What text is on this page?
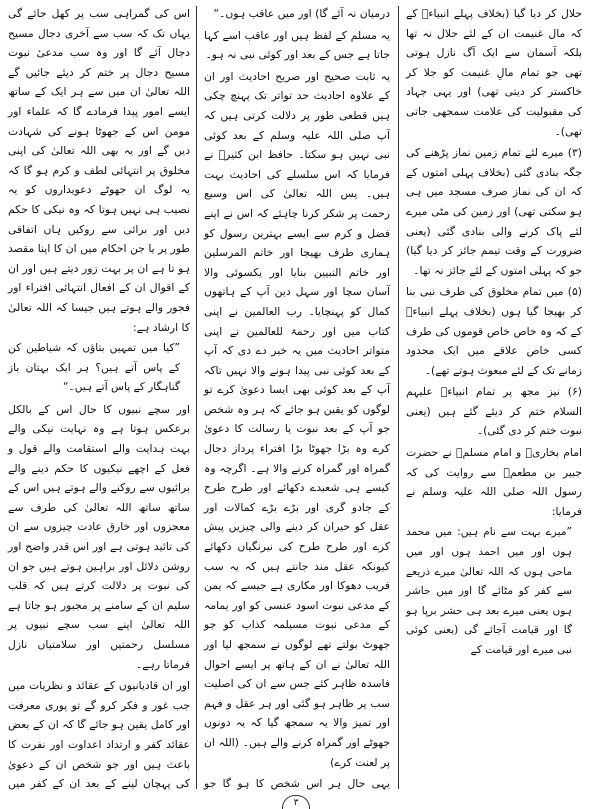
حلال کر دیا گیا (بخلاف پہلے انبیاءؑ کے کہ مال غنیمت ان کے لئے حلال نہ تھا بلکہ آسمان سے ایک آگ نازل ہوتی تھی جو تمام مالِ غنیمت کو جلا کر خاکستر کر دیتی تھی) اور یہی جہاد کی مقبولیت کی علامت سمجھی جاتی تھی)۔

(۳) میرے لئے تمام زمین نماز پڑھنے کی جگہ بنادی گئی (بخلاف پہلی امتوں کے کہ ان کی نماز صرف مسجد میں ہی ہو سکتی تھی) اور زمین کی مٹی میرے لئے پاک کرنے والی بنادی گئی (یعنی ضرورت کے وقت تیمم جائز کر دیا گیا) جو کہ پہلی امتوں کے لئے جائز نہ تھا۔

(۵) میں تمام مخلوق کی طرف نبی بنا کر بھیجا گیا ہوں (بخلاف پہلے انبیاءؑ کے کہ وہ خاص خاص قوموں کی طرف کسی خاص علاقے میں ایک محدود زمانے تک کے لئے مبعوث ہوتے تھے)۔

(۶) نیز مجھ پر تمام انبیاءؑ علیہم السلام ختم کر دیئے گئے ہیں (یعنی نبوت ختم کر دی گئی)۔

امام بخاریؒ و امام مسلمؒ نے حضرت جبیر بن مطعمؓ سے روایت کی کہ رسول اللہ صلی اللہ علیہ وسلم نے فرمایا:

”میرے بہت سے نام ہیں: میں محمد ہوں اور میں احمد ہوں اور میں ماحی ہوں کہ اللہ تعالیٰ میرے ذریعے سے کفر کو مٹائے گا اور میں حاشر ہوں یعنی میرے بعد ہی حشر برپا ہو گا اور قیامت آجائے گی (یعنی کوئی نبی میرے اور قیامت کے

درمیان نہ آئے گا) اور میں عاقب ہوں۔“

یہ مسلم کے لفظ ہیں اور عاقب اسے کہا جاتا ہے جس کے بعد اور کوئی نبی نہ ہو۔

یہ ثابت صحیح اور صریح احادیث اور ان کے علاوہ احادیث حد تواتر تک پہنچ چکی ہیں قطعی طور پر دلالت کرتی ہیں کہ آپ صلی اللہ علیہ وسلم کے بعد کوئی نبی نہیں ہو سکتا۔ حافظ ابن کثیرؒ نے فرمایا کہ اس سلسلے کی احادیث بہت ہیں۔ پس اللہ تعالیٰ کی اس وسیع رحمت پر شکر کرنا چاہئے کہ اس نے اپنے فضل و کرم سے ایسے بہترین رسول کو ہماری طرف بھیجا اور خاتم المرسلین اور خاتم النبیین بنایا اور یکسوئی والا آسان سچا اور سہل دین آپ کے ہاتھوں کمال کو پہنچایا۔ رب العالمین نے اپنی کتاب میں اور رحمۃ للعالمین نے اپنی متواتر احادیث میں یہ خبر دے دی کہ آپ کے بعد کوئی نبی پیدا ہونے والا نہیں تاکہ آپ کے بعد کوئی بھی ایسا دعویٰ کرے تو لوگوں کو یقین ہو جائے کہ ہر وہ شخص جو آپ کے بعد نبوت یا رسالت کا دعویٰ کرے وہ بڑا جھوٹا بڑا افتراء پرداز دجال گمراہ اور گمراہ کرنے والا ہے۔ اگرچہ وہ کیسے ہی شعبدے دکھائے اور طرح طرح کے جادو گری اور بڑے بڑے کمالات اور عقل کو حیران کر دینے والی چیزیں پیش کرے اور طرح طرح کی نیرنگیاں دکھائے کیونکہ عقل مند جانتے ہیں کہ یہ سب فریب دھوکا اور مکاری ہے جیسے کہ یمن کے مدعی نبوت اسود عنسی کو اور یمامہ کے مدعی نبوت مسیلمہ کذاب کو جو جھوٹ بولتے تھے لوگوں نے سمجھ لیا اور اللہ تعالیٰ نے ان کے ہاتھ پر ایسے احوال فاسدہ ظاہر کئے جس سے ان کی اصلیت سب پر ظاہر ہو گئی اور ہر عقل و فہم اور تمیز والا یہ سمجھ گیا کہ یہ دونوں جھوٹے اور گمراہ کرنے والے ہیں۔ (اللہ ان پر لعنت کرے)

یہی حال ہر اس شخص کا ہو گا جو

اس کی گمراہی سب پر کھل جائے گی یہاں تک کہ سب سے آخری دجال مسیح دجال آئے گا اور وہ سب مدعیٔ نبوت مسیح دجال پر ختم کر دیئے جائیں گے اللہ تعالیٰ ان میں سے ہر ایک کے ساتھ ایسے امور پیدا فرمادے گا کہ علماء اور مومن اس کے جھوٹا ہونے کی شہادت دیں گے اور یہ بھی اللہ تعالیٰ کی اپنی مخلوق پر انتہائی لطف و کرم ہو گا کہ یہ لوگ ان جھوٹے دعویداروں کو یہ نصیب ہی نہیں ہوتا کہ وہ نیکی کا حکم دیں اور برائی سے روکیں ہاں اتفاقی طور پر یا جن احکام میں ان کا اپنا مقصد ہو تا ہے ان پر بہت زور دیتے ہیں اور ان کے اقوال ان کے افعال انتہائی افتراء اور فجور والے ہوتے ہیں جیسا کہ اللہ تعالیٰ کا ارشاد ہے:

”کیا میں تمہیں بتاؤں کہ شیاطین کن کے پاس آتے ہیں؟ ہر ایک بہتان باز گناہگار کے پاس آتے ہیں۔“

اور سچے نبیوں کا حال اس کے بالکل برعکس ہوتا ہے وہ نہایت نیکی والے بہت ہدایت والے استقامت والے قول و فعل کے اچھے نیکیوں کا حکم دینے والے برائیوں سے روکنے والے ہوتے ہیں اس کے ساتھ ساتھ اللہ تعالیٰ کی طرف سے معجزوں اور خارق عادت چیزوں سے ان کی تائید ہوتی ہے اور اس قدر واضح اور روشن دلائل اور براہین ہوتے ہیں جو ان کی نبوت پر دلالت کرتے ہیں کہ قلب سلیم ان کے سامنے پر مجبور ہو جاتا ہے اللہ تعالیٰ اپنے سب سچے نبیوں پر مسلسل رحمتیں اور سلامتیاں نازل فرماتا رہے۔

اور ان قادیانیوں کے عقائد و نظریات میں جب غور و فکر کرو گے تو پوری معرفت اور کامل یقین ہو جائے گا کہ ان کے بعض عقائد کفر و ارتداد اعداوت اور نفرت کا باعث ہیں اور جو شخص ان کے دعویٰ کی پہچان لینے کے بعد ان کے کفر میں

٣
